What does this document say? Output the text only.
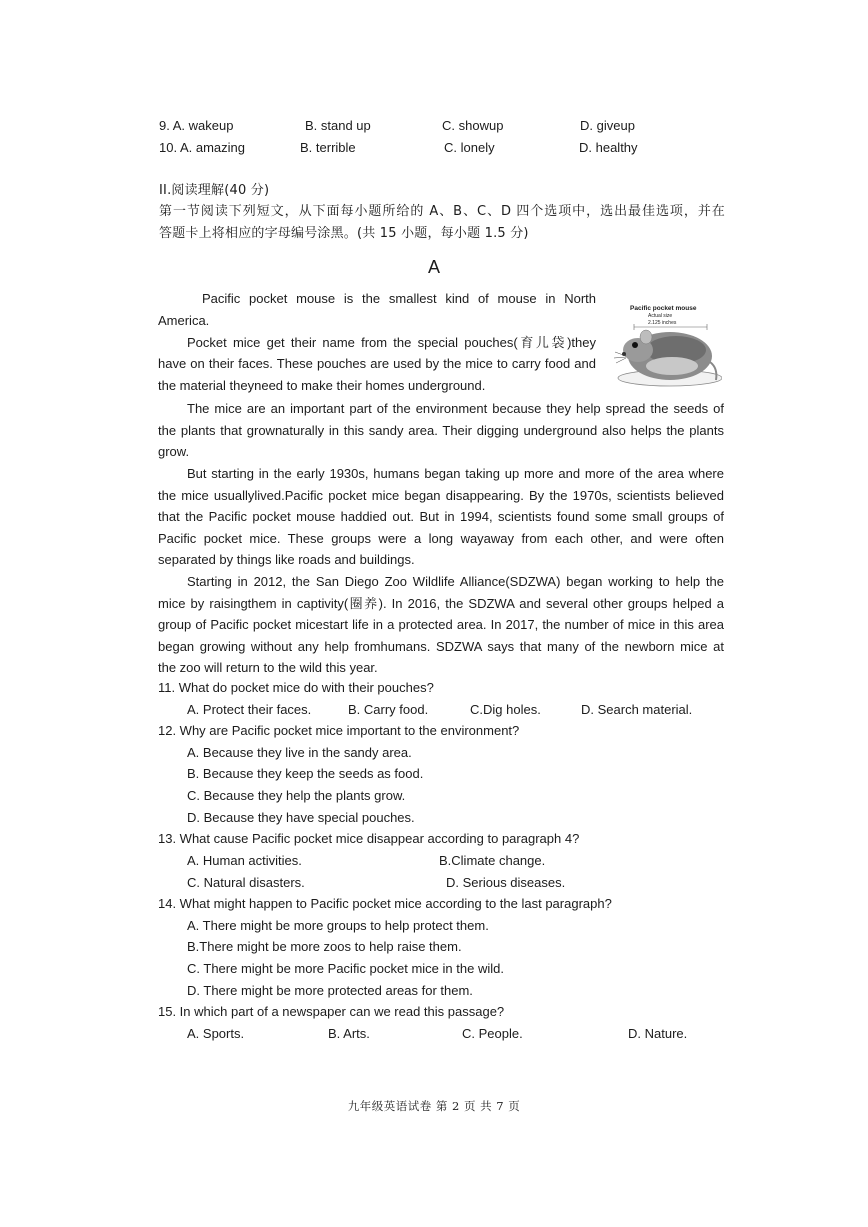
9. A. wakeup	B. stand up	C. showup	D. giveup
10. A. amazing	B. terrible	C. lonely	D. healthy
II.阅读理解(40 分)
第一节阅读下列短文，从下面每小题所给的 A、B、C、D 四个选项中，选出最佳选项，并在
答题卡上将相应的字母编号涂黑。(共 15 小题，每小题 1.5 分)
A
Pacific pocket mouse
Actual size
2.125 inches
Pacific pocket mouse is the smallest kind of mouse in North
America.
Pocket mice get their name from the special pouches(育儿袋)they
have on their faces. These pouches are used by the mice to carry food and
the material theyneed to make their homes underground.
The mice are an important part of the environment because they help spread the seeds of
the plants that grownaturally in this sandy area. Their digging underground also helps the plants
grow.
But starting in the early 1930s, humans began taking up more and more of the area where
the mice usuallylived.Pacific pocket mice began disappearing. By the 1970s, scientists believed
that the Pacific pocket mouse haddied out. But in 1994, scientists found some small groups of
Pacific pocket mice. These groups were a long wayaway from each other, and were often
separated by things like roads and buildings.
Starting in 2012, the San Diego Zoo Wildlife Alliance(SDZWA) began working to help the
mice by raisingthem in captivity(圈养). In 2016, the SDZWA and several other groups helped a
group of Pacific pocket micestart life in a protected area. In 2017, the number of mice in this area
began growing without any help fromhumans. SDZWA says that many of the newborn mice at
the zoo will return to the wild this year.
11. What do pocket mice do with their pouches?
A. Protect their faces.	B. Carry food.	C.Dig holes.	D. Search material.
12. Why are Pacific pocket mice important to the environment?
A. Because they live in the sandy area.
B. Because they keep the seeds as food.
C. Because they help the plants grow.
D. Because they have special pouches.
13. What cause Pacific pocket mice disappear according to paragraph 4?
A. Human activities.	B.Climate change.
C. Natural disasters.	D. Serious diseases.
14. What might happen to Pacific pocket mice according to the last paragraph?
A. There might be more groups to help protect them.
B.There might be more zoos to help raise them.
C. There might be more Pacific pocket mice in the wild.
D. There might be more protected areas for them.
15. In which part of a newspaper can we read this passage?
A. Sports.	B. Arts.	C. People.	D. Nature.
九年级英语试卷 第 2 页 共 7 页
